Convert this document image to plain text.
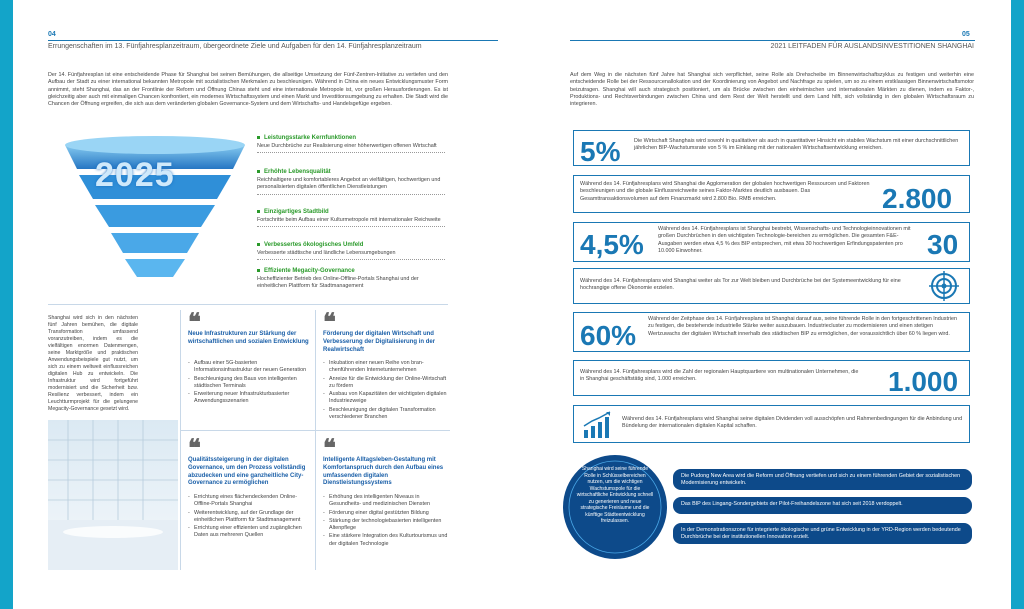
04
Errungenschaften im 13. Fünfjahresplanzeitraum, übergeordnete Ziele und Aufgaben für den 14. Fünfjahresplanzeitraum
Der 14. Fünfjahresplan ist eine entscheidende Phase für Shanghai bei seinen Bemühungen, die allseitige Umsetzung der Fünf-Zentren-Initiative zu vertiefen und den Aufbau der Stadt zu einer international bekannten Metropole mit sozialistischen Merkmalen zu beschleunigen. Während in China ein neues Entwicklungsmuster Form annimmt, steht Shanghai, das an der Frontlinie der Reform und Öffnung Chinas steht und eine internationale Metropole ist, vor großen Herausforderungen. Es ist gleichzeitig aber auch mit einmaligen Chancen konfrontiert, ein modernes Wirtschaftssystem und einen Markt und Investitionsumgebung zu erhalten. Die Stadt wird die Chancen der Öffnung ergreifen, die sich aus dem veränderten globalen Governance-System und dem Wirtschafts- und Handelsgefüge ergeben.
2025
Leistungsstarke Kernfunktionen
Neue Durchbrüche zur Realisierung einer höherwertigen offenen Wirtschaft
Erhöhte Lebensqualität
Reichhaltigere und komfortableres Angebot an vielfältigen, hochwertigen und personalisierten digitalen öffentlichen Dienstleistungen
Einzigartiges Stadtbild
Fortschritte beim Aufbau einer Kulturmetropole mit internationaler Reichweite
Verbessertes ökologisches Umfeld
Verbesserte städtische und ländliche Lebensumgebungen
Effiziente Megacity-Governance
Hocheffizienter Betrieb des Online-Offline-Portals Shanghai und der einheitlichen Plattform für Stadtmanagement
Shanghai wird sich in den nächsten fünf Jahren bemühen, die digitale Transformation umfassend voranzutreiben, indem es die vielfältigen enormen Datenmengen, seine Marktgröße und praktischen Anwendungsbeispiele gut nutzt, um sich zu einem weltweit einflussreichen digitalen Hub zu entwickeln. Die Infrastruktur wird fortgeführt modernisiert und die Sicherheit bzw. Resilienz verbessert, indem ein Leuchtturmprojekt für die gelungene Megacity-Governance gesetzt wird.
❝
Neue Infrastrukturen zur Stärkung der wirtschaftlichen und sozialen Entwicklung
- Aufbau einer 5G-basierten Informationsinfrastruktur der neuen Generation
- Beschleunigung des Baus von intelligenten städtischen Terminals
- Erweiterung neuer Infrastrukturbasierter Anwendungsszenarien
❝
Förderung der digitalen Wirtschaft und Verbesserung der Digitalisierung in der Realwirtschaft
- Inkubation einer neuen Reihe von branchenführenden Internetunternehmen
- Anreize für die Entwicklung der Online-Wirtschaft zu fördern
- Ausbau von Kapazitäten der wichtigsten digitalen Industriezweige
- Beschleunigung der digitalen Transformation verschiedener Branchen
❝
Qualitätssteigerung in der digitalen Governance, um den Prozess vollständig abzudecken und eine ganzheitliche City-Governance zu ermöglichen
- Errichtung eines flächendeckenden Online-Offline-Portals Shanghai
- Weiterentwicklung, auf der Grundlage der einheitlichen Plattform für Stadtmanagement
- Errichtung einer effizienten und zugänglichen Daten aus mehreren Quellen
❝
Intelligente Alltagsleben-Gestaltung mit Komfortanspruch durch den Aufbau eines umfassenden digitalen Dienstleistungssystems
- Erhöhung des intelligenten Niveaus in Gesundheits- und medizinischen Diensten
- Förderung einer digital gestützten Bildung
- Stärkung der technologiebasierten intelligenten Altenpflege
- Eine stärkere Integration des Kulturtourismus und der digitalen Technologie
05
2021 LEITFADEN FÜR AUSLANDSINVESTITIONEN SHANGHAI
Auf dem Weg in die nächsten fünf Jahre hat Shanghai sich verpflichtet, seine Rolle als Drehscheibe im Binnenwirtschaftszyklus zu festigen und weiterhin eine entscheidende Rolle bei der Ressourcenallokation und der Koordinierung von Angebot und Nachfrage zu spielen, um so zu einem erstklassigen Binnenwirtschaftsmotor beizutragen. Shanghai will auch strategisch positioniert, um als Brücke zwischen den einheimischen und internationalen Märkten zu dienen, indem es Faktor-, Produktions- und Rechtsverbindungen zwischen China und dem Rest der Welt herstellt und dem Land hilft, sich vollständig in den globalen Wirtschaftsraum zu integrieren.
5%	Die Wirtschaft Shanghais wird sowohl in qualitativer als auch in quantitativer Hinsicht ein stabiles Wachstum mit einer durchschnittlichen jährlichen BIP-Wachstumsrate von 5 % im Einklang mit der nationalen Wirtschaftsentwicklung erreichen.
Während des 14. Fünfjahresplans wird Shanghai die Agglomeration der globalen hochwertigen Ressourcen und Faktoren beschleunigen und die globale Einflussreichweite seines Faktor-Marktes deutlich ausbauen. Das Gesamttransaktionsvolumen auf dem Finanzmarkt wird 2.800 Bio. RMB erreichen.	2.800
4,5%	Während des 14. Fünfjahresplans ist Shanghai bestrebt, Wissenschafts- und Technologieinnovationen mit großen Durchbrüchen in den wichtigsten Technologie-bereichen zu ermöglichen. Die gesamten F&E-Ausgaben werden etwa 4,5 % des BIP entsprechen, mit etwa 30 hochwertigen Erfindungspatenten pro 10.000 Einwohner.	30
Während des 14. Fünfjahresplans wird Shanghai weiter als Tor zur Welt bleiben und Durchbrüche bei der Systemeentwicklung für eine hochrangige offene Ökonomie erzielen.
60%
Während der Zeitphase des 14. Fünfjahresplans ist Shanghai darauf aus, seine führende Rolle in den fortgeschrittenen Industrien zu festigen, die bestehende industrielle Stärke weiter auszubauen. Industriecluster zu modernisieren und einen stetigen Wertzuwachs der digitalen Wirtschaft innerhalb des städtischen BIP zu ermöglichen, der voraussichtlich über 60 % liegen wird.
Während des 14. Fünfjahresplans wird die Zahl der regionalen Hauptquartiere von multinationalen Unternehmen, die in Shanghai geschäftstätig sind, 1.000 erreichen.	1.000
Während des 14. Fünfjahresplans wird Shanghai seine digitalen Dividenden voll ausschöpfen und Rahmenbedingungen für die Anbindung und Bündelung der internationalen digitalen Kapital schaffen.
Shanghai wird seine führende Rolle in Schlüsselbereichen nutzen, um die wichtigen Wachstumspole für die wirtschaftliche Entwicklung schnell zu generieren und neue strategische Freiräume und die künftige Städteentwicklung freizulassen.
Die Pudong New Area wird die Reform und Öffnung vertiefen und sich zu einem führenden Gebiet der sozialistischen Modernisierung entwickeln.
Das BIP des Lingang-Sondergebiets der Pilot-Freihandelszone hat sich seit 2018 verdoppelt.
In der Demonstrationszone für integrierte ökologische und grüne Entwicklung in der YRD-Region werden bedeutende Durchbrüche bei der institutionellen Innovation erzielt.
